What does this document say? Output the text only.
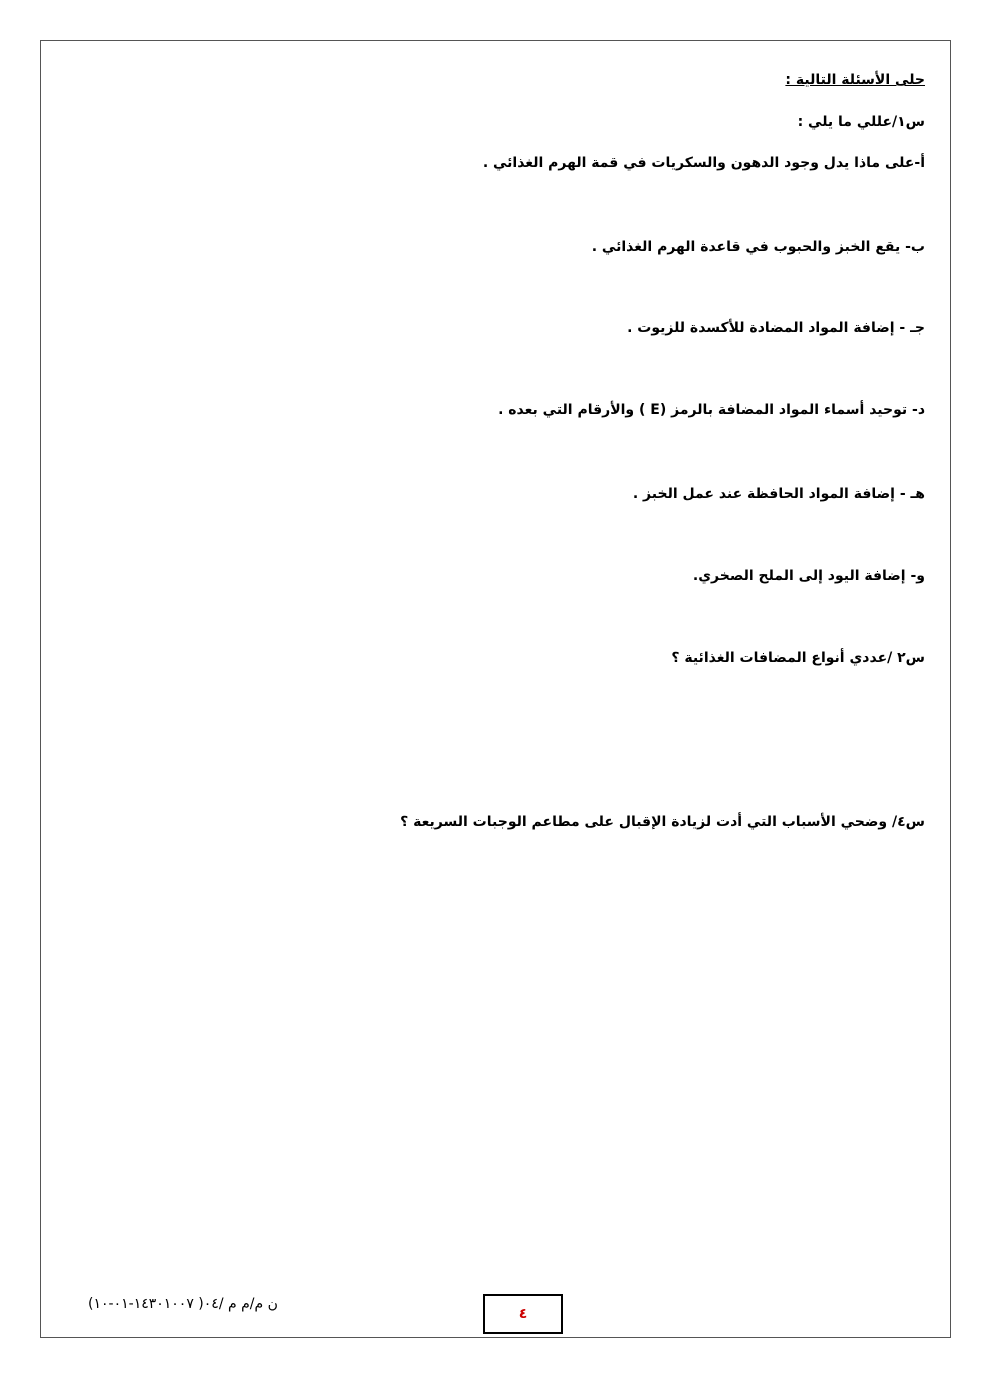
حلى الأسئلة التالية :
س١/عللي ما يلي :
أ-على ماذا يدل وجود الدهون والسكريات في قمة الهرم الغذائي .
ب- يقع الخبز والحبوب في قاعدة الهرم الغذائي .
جـ - إضافة المواد المضادة للأكسدة للزيوت .
د- توحيد أسماء المواد المضافة بالرمز (E ) والأرقام التي بعده .
هـ - إضافة المواد الحافظة عند عمل الخبز .
و- إضافة اليود إلى الملح الصخري.
س٢ /عددي أنواع المضافات الغذائية ؟
س٤/ وضحي الأسباب التي أدت لزيادة الإقبال على مطاعم الوجبات السريعة ؟
ن م/م م /٠٤( ١٤٣٠١٠٠٧-٠١-١٠)
٤
